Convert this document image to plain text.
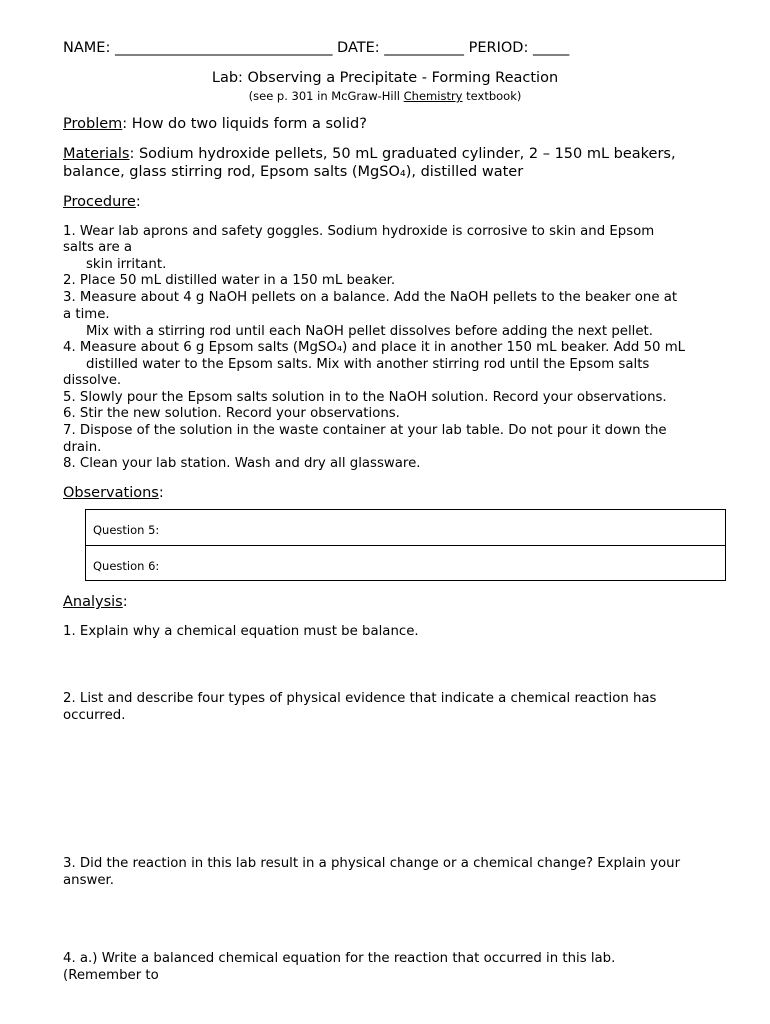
NAME: ______________________________ DATE: ___________ PERIOD: _____
Lab: Observing a Precipitate - Forming Reaction
(see p. 301 in McGraw-Hill Chemistry textbook)
Problem: How do two liquids form a solid?
Materials: Sodium hydroxide pellets, 50 mL graduated cylinder, 2 – 150 mL beakers,
balance, glass stirring rod, Epsom salts (MgSO₄), distilled water
Procedure:
1. Wear lab aprons and safety goggles. Sodium hydroxide is corrosive to skin and Epsom
salts are a
skin irritant.
2. Place 50 mL distilled water in a 150 mL beaker.
3. Measure about 4 g NaOH pellets on a balance. Add the NaOH pellets to the beaker one at
a time.
Mix with a stirring rod until each NaOH pellet dissolves before adding the next pellet.
4. Measure about 6 g Epsom salts (MgSO₄) and place it in another 150 mL beaker. Add 50 mL
distilled water to the Epsom salts. Mix with another stirring rod until the Epsom salts
dissolve.
5. Slowly pour the Epsom salts solution in to the NaOH solution. Record your observations.
6. Stir the new solution. Record your observations.
7. Dispose of the solution in the waste container at your lab table. Do not pour it down the
drain.
8. Clean your lab station. Wash and dry all glassware.
Observations:
Question 5:
Question 6:
Analysis:
1. Explain why a chemical equation must be balance.
2. List and describe four types of physical evidence that indicate a chemical reaction has
occurred.
3. Did the reaction in this lab result in a physical change or a chemical change? Explain your
answer.
4. a.) Write a balanced chemical equation for the reaction that occurred in this lab.
(Remember to
